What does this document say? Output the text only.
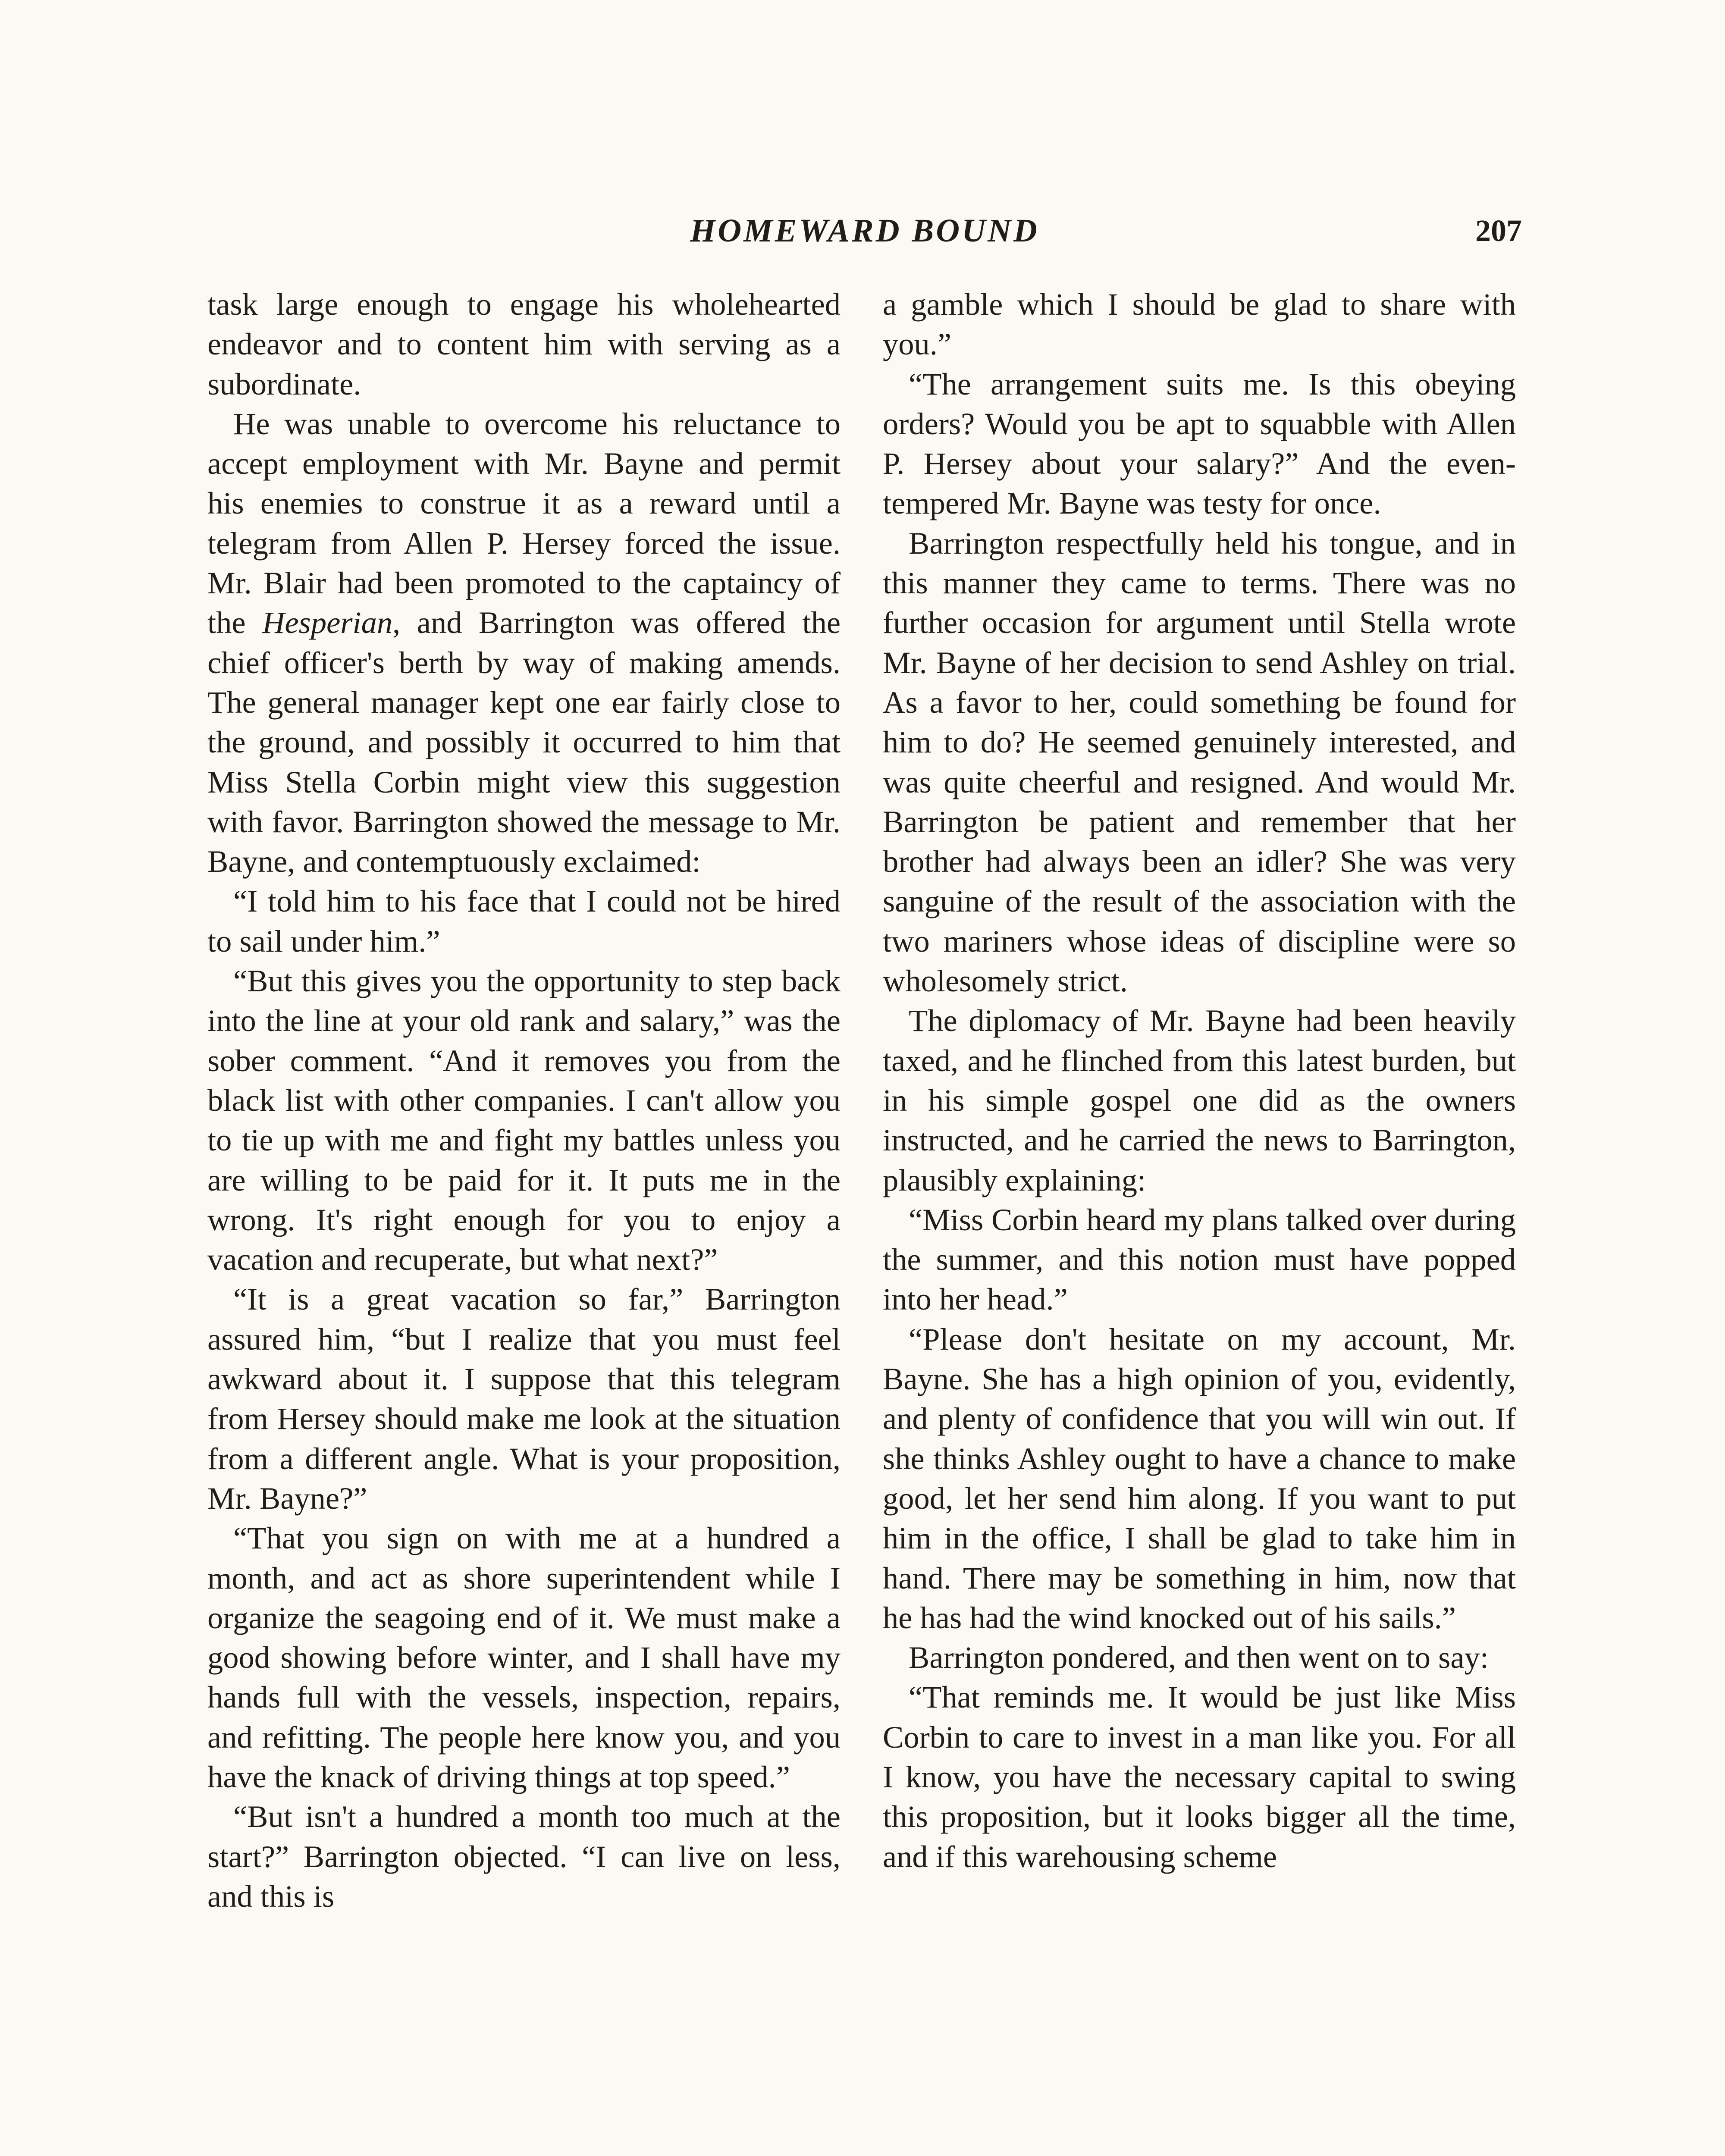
HOMEWARD BOUND	207

task large enough to engage his wholehearted endeavor and to content him with serving as a subordinate.

He was unable to overcome his reluctance to accept employment with Mr. Bayne and permit his enemies to construe it as a reward until a telegram from Allen P. Hersey forced the issue. Mr. Blair had been promoted to the captaincy of the Hesperian, and Barrington was offered the chief officer's berth by way of making amends. The general manager kept one ear fairly close to the ground, and possibly it occurred to him that Miss Stella Corbin might view this suggestion with favor. Barrington showed the message to Mr. Bayne, and contemptuously exclaimed:

“I told him to his face that I could not be hired to sail under him.”

“But this gives you the opportunity to step back into the line at your old rank and salary,” was the sober comment. “And it removes you from the black list with other companies. I can't allow you to tie up with me and fight my battles unless you are willing to be paid for it. It puts me in the wrong. It's right enough for you to enjoy a vacation and recuperate, but what next?”

“It is a great vacation so far,” Barrington assured him, “but I realize that you must feel awkward about it. I suppose that this telegram from Hersey should make me look at the situation from a different angle. What is your proposition, Mr. Bayne?”

“That you sign on with me at a hundred a month, and act as shore superintendent while I organize the seagoing end of it. We must make a good showing before winter, and I shall have my hands full with the vessels, inspection, repairs, and refitting. The people here know you, and you have the knack of driving things at top speed.”

“But isn't a hundred a month too much at the start?” Barrington objected. “I can live on less, and this is

a gamble which I should be glad to share with you.”

“The arrangement suits me. Is this obeying orders? Would you be apt to squabble with Allen P. Hersey about your salary?” And the even-tempered Mr. Bayne was testy for once.

Barrington respectfully held his tongue, and in this manner they came to terms. There was no further occasion for argument until Stella wrote Mr. Bayne of her decision to send Ashley on trial. As a favor to her, could something be found for him to do? He seemed genuinely interested, and was quite cheerful and resigned. And would Mr. Barrington be patient and remember that her brother had always been an idler? She was very sanguine of the result of the association with the two mariners whose ideas of discipline were so wholesomely strict.

The diplomacy of Mr. Bayne had been heavily taxed, and he flinched from this latest burden, but in his simple gospel one did as the owners instructed, and he carried the news to Barrington, plausibly explaining:

“Miss Corbin heard my plans talked over during the summer, and this notion must have popped into her head.”

“Please don't hesitate on my account, Mr. Bayne. She has a high opinion of you, evidently, and plenty of confidence that you will win out. If she thinks Ashley ought to have a chance to make good, let her send him along. If you want to put him in the office, I shall be glad to take him in hand. There may be something in him, now that he has had the wind knocked out of his sails.”

Barrington pondered, and then went on to say:

“That reminds me. It would be just like Miss Corbin to care to invest in a man like you. For all I know, you have the necessary capital to swing this proposition, but it looks bigger all the time, and if this warehousing scheme
